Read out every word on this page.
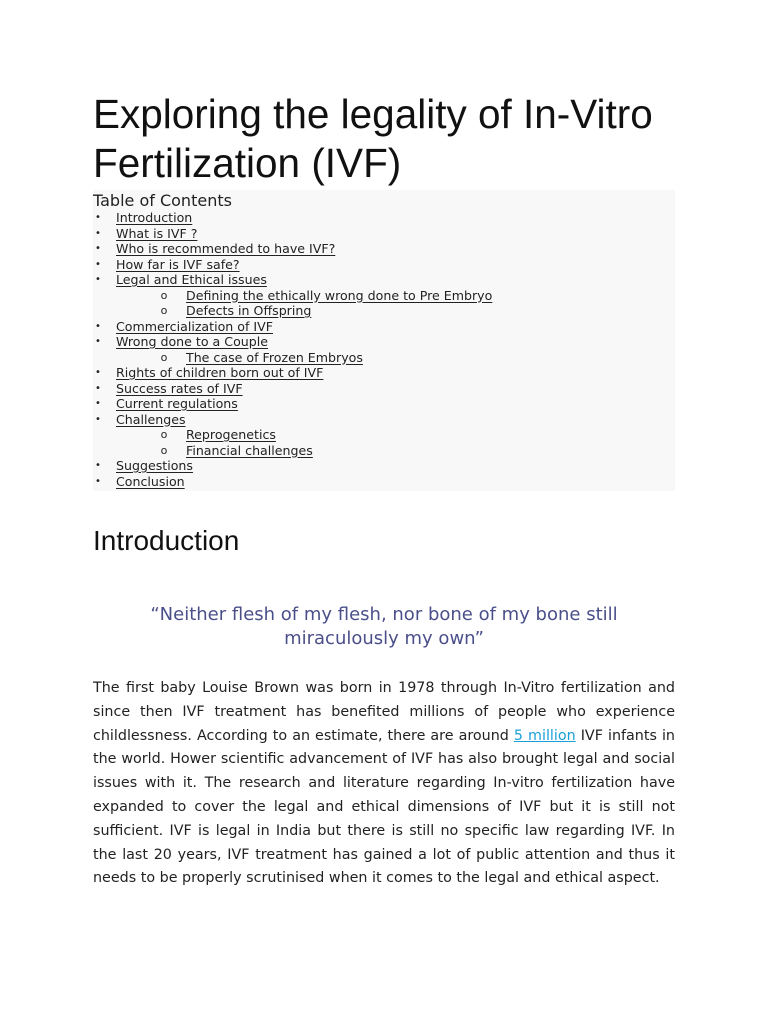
Exploring the legality of In-Vitro Fertilization (IVF)
Table of Contents
• Introduction
• What is IVF ?
• Who is recommended to have IVF?
• How far is IVF safe?
• Legal and Ethical issues
o Defining the ethically wrong done to Pre Embryo
o Defects in Offspring
• Commercialization of IVF
• Wrong done to a Couple
o The case of Frozen Embryos
• Rights of children born out of IVF
• Success rates of IVF
• Current regulations
• Challenges
o Reprogenetics
o Financial challenges
• Suggestions
• Conclusion
Introduction
“Neither flesh of my flesh, nor bone of my bone still miraculously my own”

The first baby Louise Brown was born in 1978 through In-Vitro fertilization and since then IVF treatment has benefited millions of people who experience childlessness. According to an estimate, there are around 5 million IVF infants in the world. Hower scientific advancement of IVF has also brought legal and social issues with it. The research and literature regarding In-vitro fertilization have expanded to cover the legal and ethical dimensions of IVF but it is still not sufficient. IVF is legal in India but there is still no specific law regarding IVF. In the last 20 years, IVF treatment has gained a lot of public attention and thus it needs to be properly scrutinised when it comes to the legal and ethical aspect.
